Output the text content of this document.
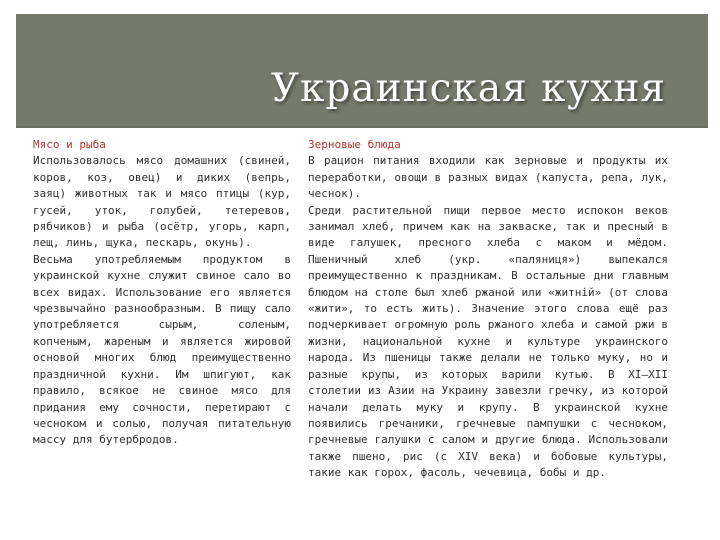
Украинская кухня

Мясо и рыба

Использовалось мясо домашних (свиней, коров, коз, овец) и диких (вепрь, заяц) животных так и мясо птицы (кур, гусей, уток, голубей, тетеревов, рябчиков) и рыба (осётр, угорь, карп, лещ, линь, щука, пескарь, окунь).

Весьма употребляемым продуктом в украинской кухне служит свиное сало во всех видах. Использование его является чрезвычайно разнообразным. В пищу сало употребляется сырым, соленым, копченым, жареным и является жировой основой многих блюд преимущественно праздничной кухни. Им шпигуют, как правило, всякое не свиное мясо для придания ему сочности, перетирают с чесноком и солью, получая питательную массу для бутербродов.

Зерновые блюда

В рацион питания входили как зерновые и продукты их переработки, овощи в разных видах (капуста, репа, лук, чеснок).

Среди растительной пищи первое место испокон веков занимал хлеб, причем как на закваске, так и пресный в виде галушек, пресного хлеба с маком и мёдом. Пшеничный хлеб (укр. «паляниця») выпекался преимущественно к праздникам. В остальные дни главным блюдом на столе был хлеб ржаной или «житній» (от слова «жити», то есть жить). Значение этого слова ещё раз подчеркивает огромную роль ржаного хлеба и самой ржи в жизни, национальной кухне и культуре украинского народа. Из пшеницы также делали не только муку, но и разные крупы, из которых варили кутью. В XI—XII столетии из Азии на Украину завезли гречку, из которой начали делать муку и крупу. В украинской кухне появились гречаники, гречневые пампушки с чесноком, гречневые галушки с салом и другие блюда. Использовали также пшено, рис (с XIV века) и бобовые культуры, такие как горох, фасоль, чечевица, бобы и др.
